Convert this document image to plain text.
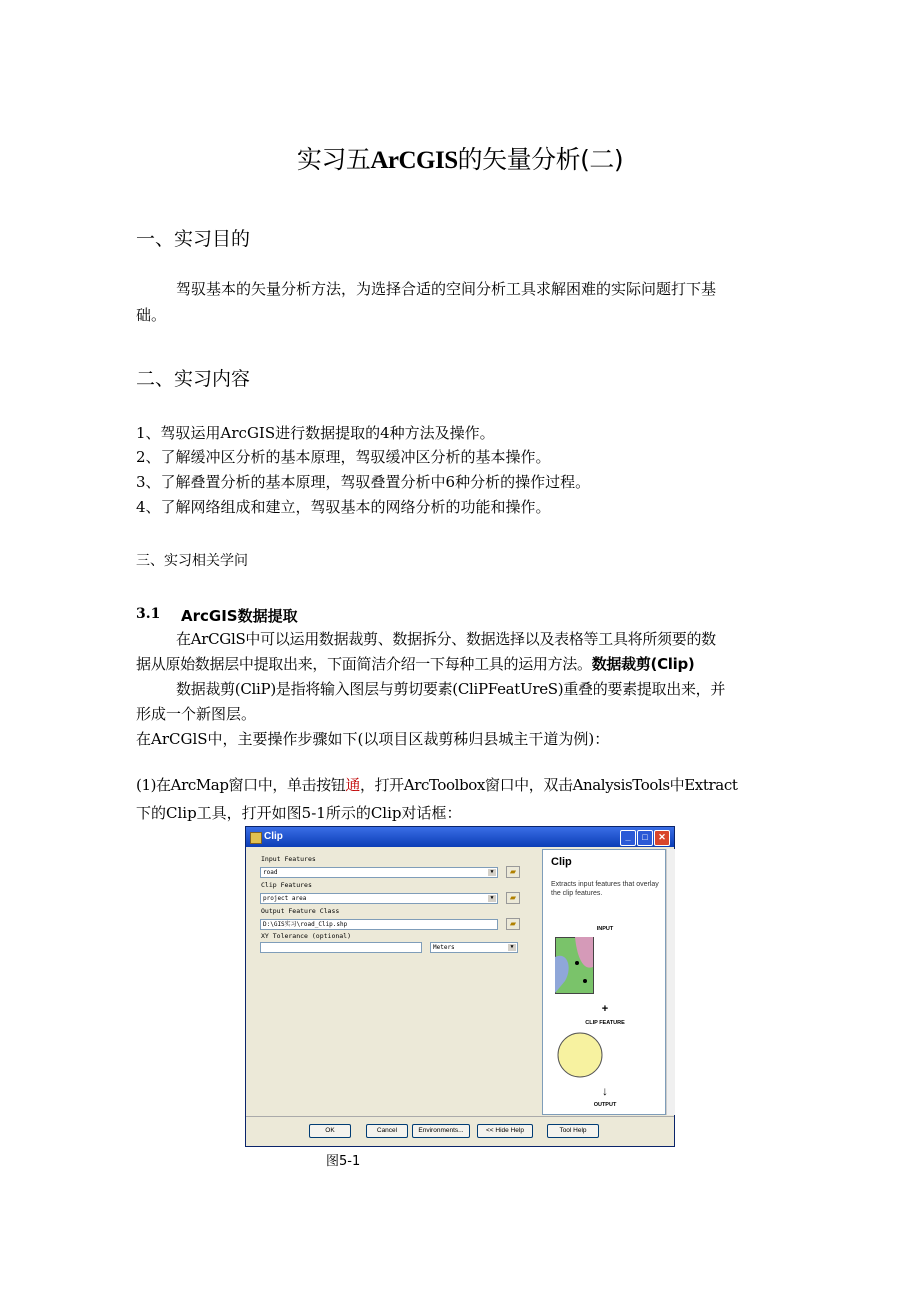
实习五ArCGIS的矢量分析(二)

一、实习目的

驾驭基本的矢量分析方法，为选择合适的空间分析工具求解困难的实际问题打下基

础。

二、实习内容

1、驾驭运用ArcGIS进行数据提取的4种方法及操作。

2、了解缓冲区分析的基本原理，驾驭缓冲区分析的基本操作。

3、了解叠置分析的基本原理，驾驭叠置分析中6种分析的操作过程。

4、了解网络组成和建立，驾驭基本的网络分析的功能和操作。

三、实习相关学问

3.1 ArcGIS数据提取

在ArCGlS中可以运用数据裁剪、数据拆分、数据选择以及表格等工具将所须要的数

据从原始数据层中提取出来，下面简洁介绍一下每种工具的运用方法。数据裁剪(Clip)

数据裁剪(CliP)是指将输入图层与剪切要素(CliPFeatUreS)重叠的要素提取出来，并

形成一个新图层。

在ArCGlS中，主要操作步骤如下(以项目区裁剪秭归县城主干道为例)：

(1)在ArcMap窗口中，单击按钮通，打开ArcToolbox窗口中，双击AnalysisTools中Extract

下的Clip工具，打开如图5-1所示的Clip对话框：

Clip	_	□	✕
Input Features
road	▼	▰
Clip Features
project area	▼	▰
Output Feature Class
D:\GIS实习\road_Clip.shp	▰
XY Tolerance (optional)
Meters	▼
Clip
Extracts input features that overlay the clip features.
INPUT
+
CLIP FEATURE
↓
OUTPUT
OK	Cancel	Environments...	<< Hide Help	Tool Help

图5-1
